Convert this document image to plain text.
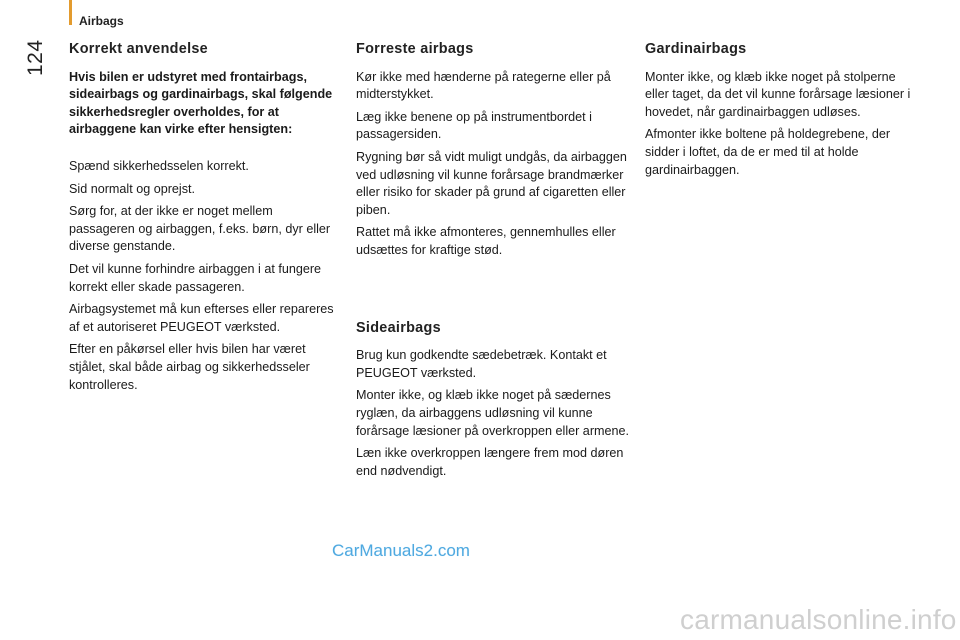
124
Airbags
Korrekt anvendelse

Hvis bilen er udstyret med frontairbags, sideairbags og gardinairbags, skal følgende sikkerhedsregler overholdes, for at airbaggene kan virke efter hensigten:

Spænd sikkerhedsselen korrekt.

Sid normalt og oprejst.

Sørg for, at der ikke er noget mellem passageren og airbaggen, f.eks. børn, dyr eller diverse genstande.

Det vil kunne forhindre airbaggen i at fungere korrekt eller skade passageren.

Airbagsystemet må kun efterses eller repareres af et autoriseret PEUGEOT værksted.

Efter en påkørsel eller hvis bilen har været stjålet, skal både airbag og sikkerhedsseler kontrolleres.

Forreste airbags

Kør ikke med hænderne på rategerne eller på midterstykket.

Læg ikke benene op på instrumentbordet i passagersiden.

Rygning bør så vidt muligt undgås, da airbaggen ved udløsning vil kunne forårsage brandmærker eller risiko for skader på grund af cigaretten eller piben.

Rattet må ikke afmonteres, gennemhulles eller udsættes for kraftige stød.

Sideairbags

Brug kun godkendte sædebetræk. Kontakt et PEUGEOT værksted.

Monter ikke, og klæb ikke noget på sædernes ryglæn, da airbaggens udløsning vil kunne forårsage læsioner på overkroppen eller armene.

Læn ikke overkroppen længere frem mod døren end nødvendigt.

Gardinairbags

Monter ikke, og klæb ikke noget på stolperne eller taget, da det vil kunne forårsage læsioner i hovedet, når gardinairbaggen udløses.

Afmonter ikke boltene på holdegrebene, der sidder i loftet, da de er med til at holde gardinairbaggen.

CarManuals2.com
carmanualsonline.info
